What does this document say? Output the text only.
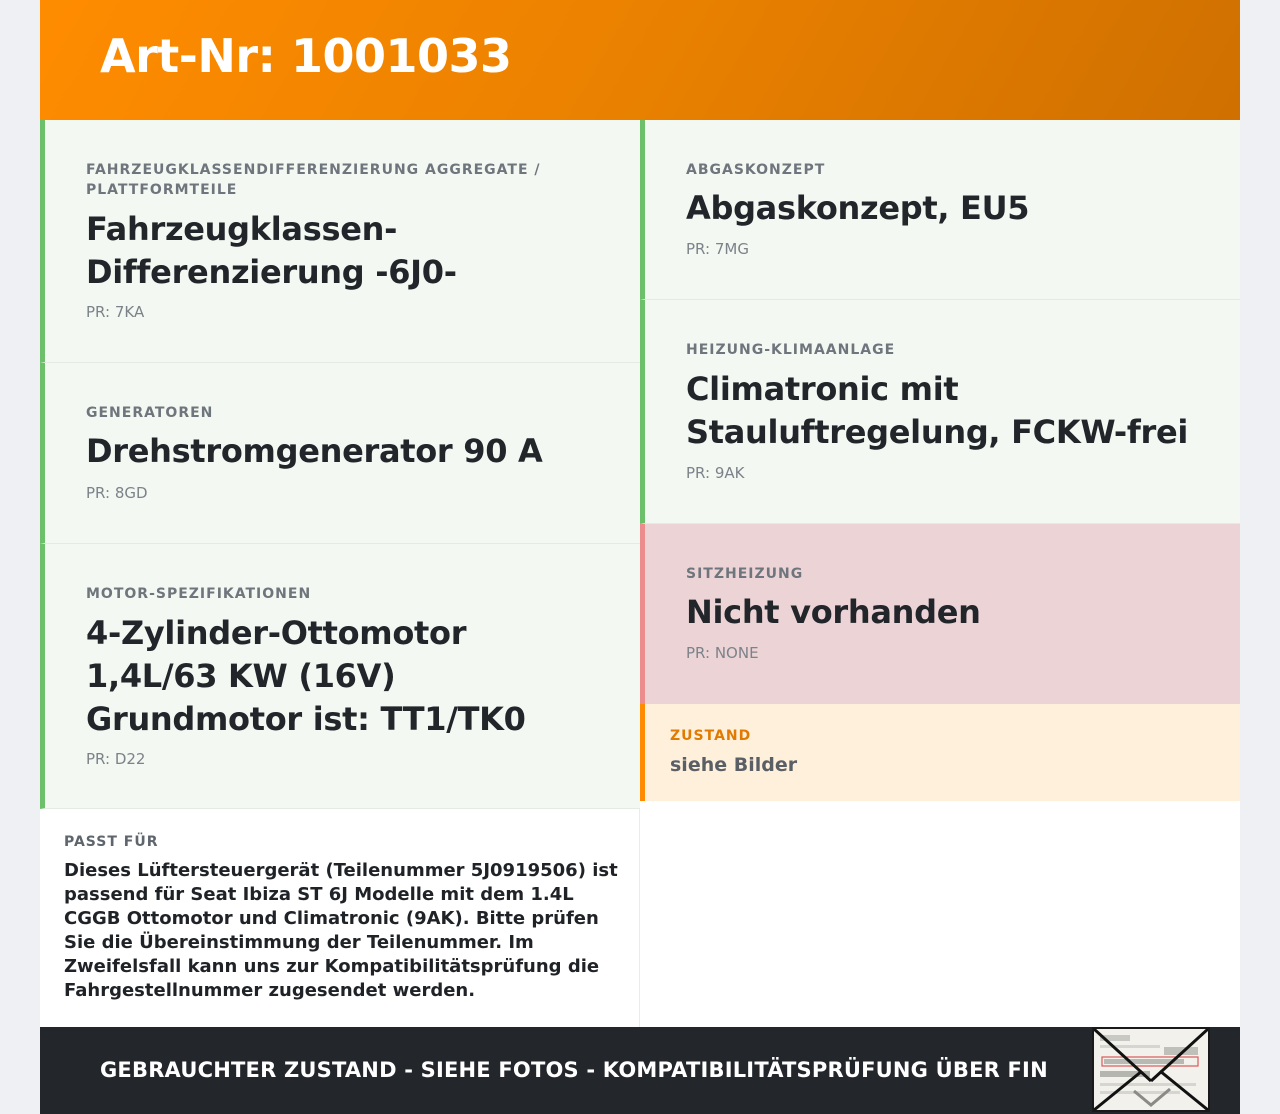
Art-Nr: 1001033
FAHRZEUGKLASSENDIFFERENZIERUNG AGGREGATE / PLATTFORMTEILE
Fahrzeugklassen-Differenzierung -6J0-
PR: 7KA
GENERATOREN
Drehstromgenerator 90 A
PR: 8GD
MOTOR-SPEZIFIKATIONEN
4-Zylinder-Ottomotor 1,4L/63 KW (16V) Grundmotor ist: TT1/TK0
PR: D22
ABGASKONZEPT
Abgaskonzept, EU5
PR: 7MG
HEIZUNG-KLIMAANLAGE
Climatronic mit Stauluftregelung, FCKW-frei
PR: 9AK
SITZHEIZUNG
Nicht vorhanden
PR: NONE
ZUSTAND
siehe Bilder
PASST FÜR
Dieses Lüftersteuergerät (Teilenummer 5J0919506) ist passend für Seat Ibiza ST 6J Modelle mit dem 1.4L CGGB Ottomotor und Climatronic (9AK). Bitte prüfen Sie die Übereinstimmung der Teilenummer. Im Zweifelsfall kann uns zur Kompatibilitätsprüfung die Fahrgestellnummer zugesendet werden.
GEBRAUCHTER ZUSTAND - SIEHE FOTOS - KOMPATIBILITÄTSPRÜFUNG ÜBER FIN
